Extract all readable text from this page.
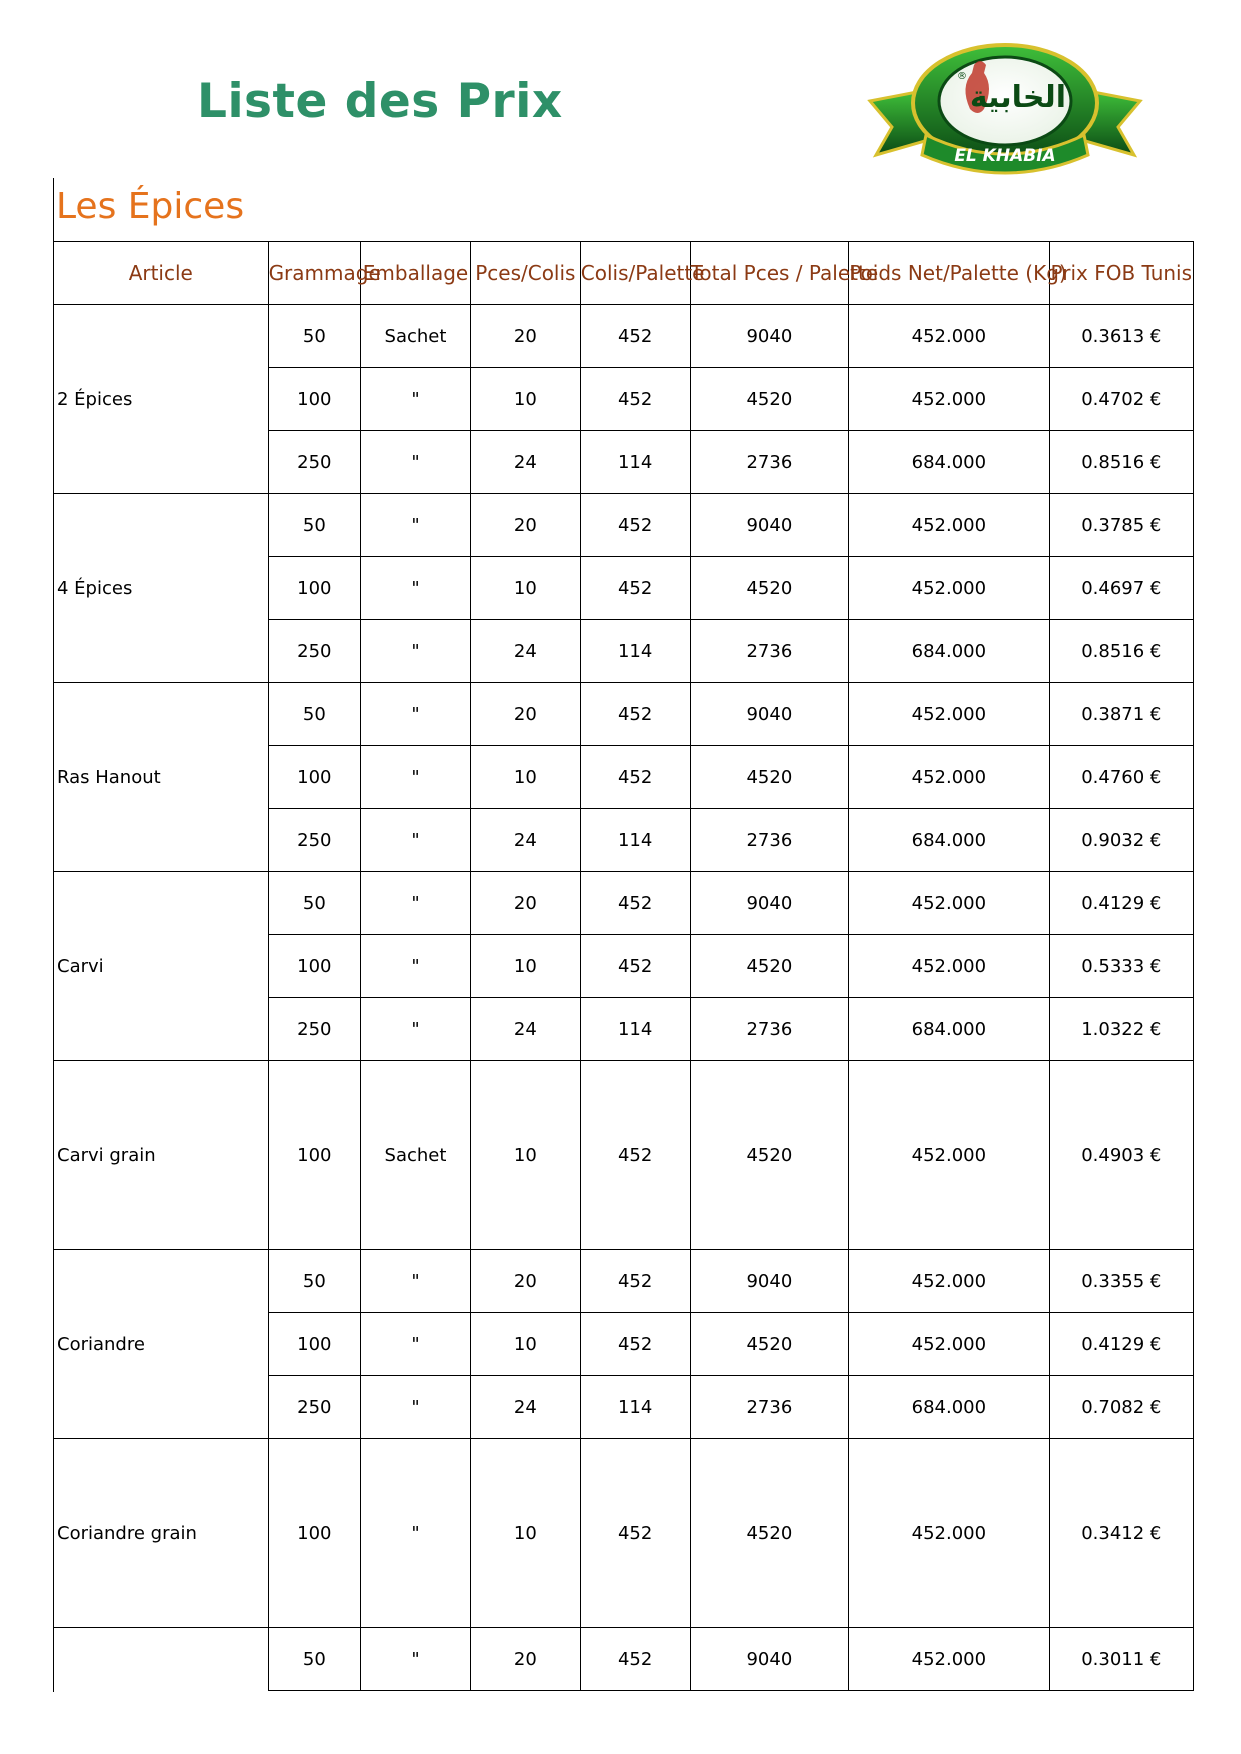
Liste des Prix	الخابية
®
EL KHABIA
Les Épices
Article	Grammage	Emballage	Pces/Colis	Colis/Palette	Total Pces / Palette	Poids Net/Palette (Kg)	Prix FOB Tunis

2 Épices	50	Sachet	20	452	9040	452.000	0.3613 €
	100	"	10	452	4520	452.000	0.4702 €
	250	"	24	114	2736	684.000	0.8516 €
4 Épices	50	"	20	452	9040	452.000	0.3785 €
	100	"	10	452	4520	452.000	0.4697 €
	250	"	24	114	2736	684.000	0.8516 €
Ras Hanout	50	"	20	452	9040	452.000	0.3871 €
	100	"	10	452	4520	452.000	0.4760 €
	250	"	24	114	2736	684.000	0.9032 €
Carvi	50	"	20	452	9040	452.000	0.4129 €
	100	"	10	452	4520	452.000	0.5333 €
	250	"	24	114	2736	684.000	1.0322 €
Carvi grain	100	Sachet	10	452	4520	452.000	0.4903 €
Coriandre	50	"	20	452	9040	452.000	0.3355 €
	100	"	10	452	4520	452.000	0.4129 €
	250	"	24	114	2736	684.000	0.7082 €
Coriandre grain	100	"	10	452	4520	452.000	0.3412 €
	50	"	20	452	9040	452.000	0.3011 €
